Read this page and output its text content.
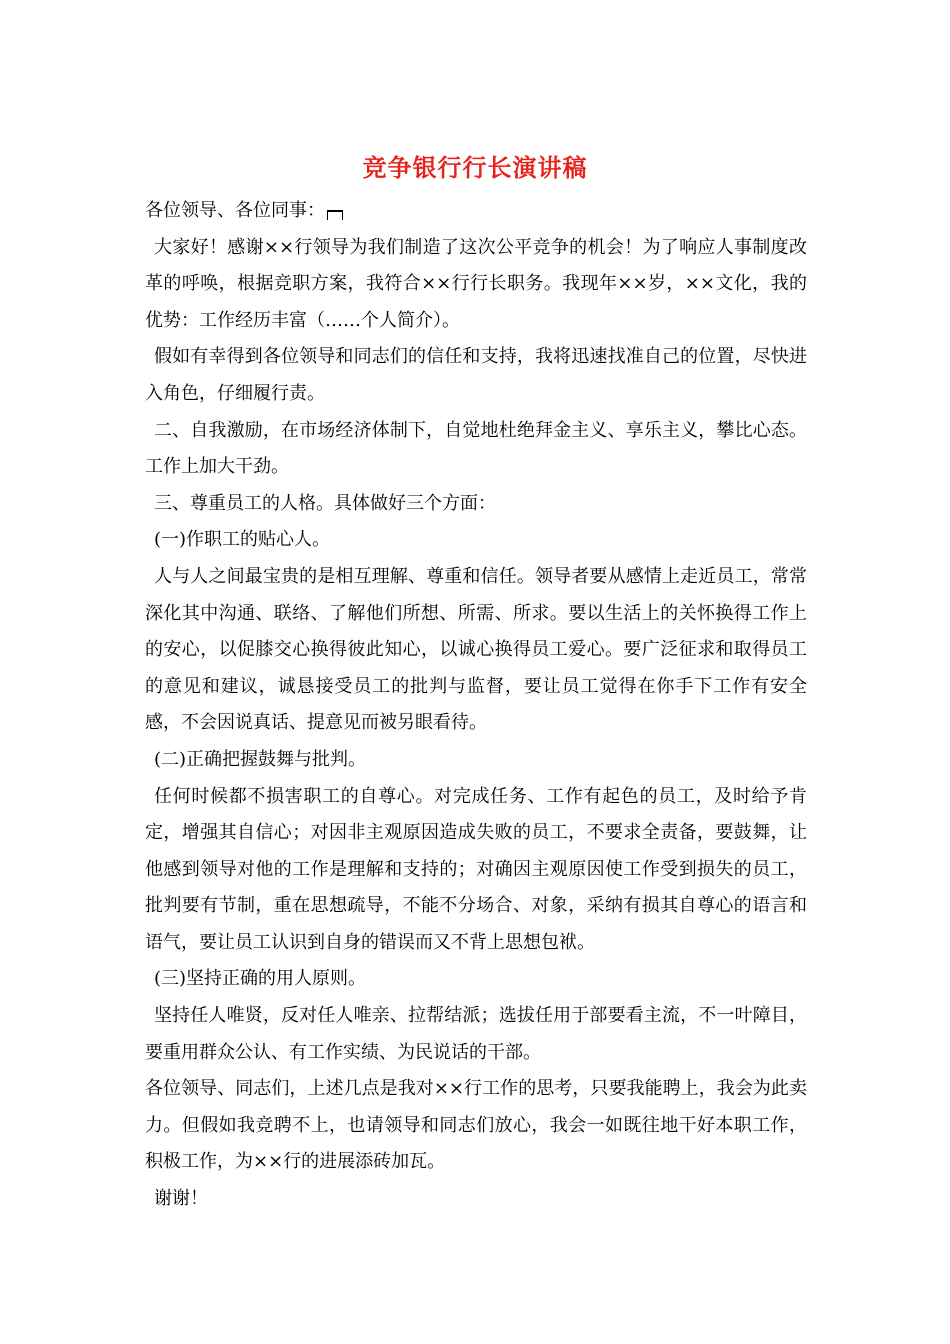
竞争银行行长演讲稿

各位领导、各位同事：

大家好！感谢××行领导为我们制造了这次公平竞争的机会！为了响应人事制度改革的呼唤，根据竞职方案，我符合××行行长职务。我现年××岁，××文化，我的优势：工作经历丰富（……个人简介）。

假如有幸得到各位领导和同志们的信任和支持，我将迅速找准自己的位置，尽快进入角色，仔细履行责。

二、自我激励，在市场经济体制下，自觉地杜绝拜金主义、享乐主义，攀比心态。工作上加大干劲。

三、尊重员工的人格。具体做好三个方面：

(一)作职工的贴心人。

人与人之间最宝贵的是相互理解、尊重和信任。领导者要从感情上走近员工，常常深化其中沟通、联络、了解他们所想、所需、所求。要以生活上的关怀换得工作上的安心，以促膝交心换得彼此知心，以诚心换得员工爱心。要广泛征求和取得员工的意见和建议，诚恳接受员工的批判与监督，要让员工觉得在你手下工作有安全感，不会因说真话、提意见而被另眼看待。

(二)正确把握鼓舞与批判。

任何时候都不损害职工的自尊心。对完成任务、工作有起色的员工，及时给予肯定，增强其自信心；对因非主观原因造成失败的员工，不要求全责备，要鼓舞，让他感到领导对他的工作是理解和支持的；对确因主观原因使工作受到损失的员工，批判要有节制，重在思想疏导，不能不分场合、对象，采纳有损其自尊心的语言和语气，要让员工认识到自身的错误而又不背上思想包袱。

(三)坚持正确的用人原则。

坚持任人唯贤，反对任人唯亲、拉帮结派；选拔任用于部要看主流，不一叶障目，要重用群众公认、有工作实绩、为民说话的干部。

各位领导、同志们，上述几点是我对××行工作的思考，只要我能聘上，我会为此卖力。但假如我竞聘不上，也请领导和同志们放心，我会一如既往地干好本职工作，积极工作，为××行的进展添砖加瓦。

谢谢！
